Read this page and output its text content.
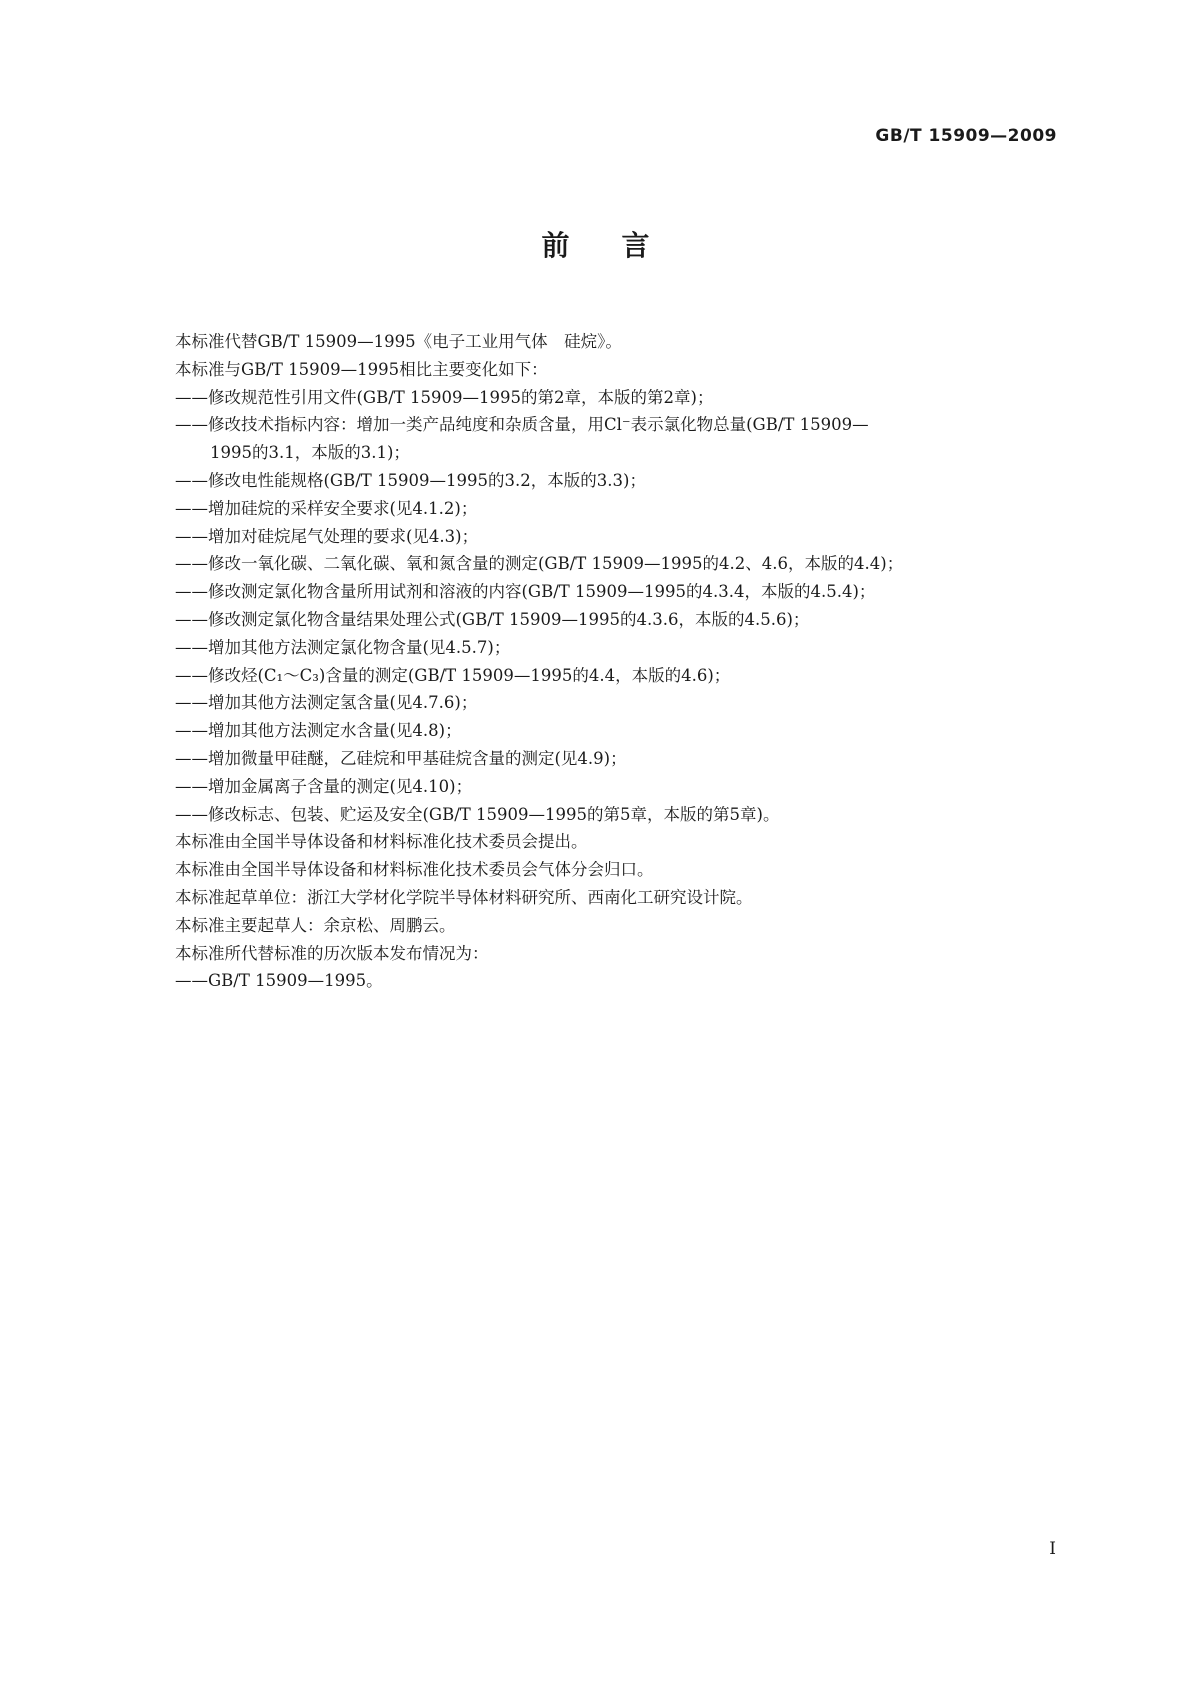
GB/T 15909—2009
前言
本标准代替GB/T 15909—1995《电子工业用气体　硅烷》。
本标准与GB/T 15909—1995相比主要变化如下：
——修改规范性引用文件(GB/T 15909—1995的第2章，本版的第2章)；
——修改技术指标内容：增加一类产品纯度和杂质含量，用Cl⁻表示氯化物总量(GB/T 15909—
1995的3.1，本版的3.1)；
——修改电性能规格(GB/T 15909—1995的3.2，本版的3.3)；
——增加硅烷的采样安全要求(见4.1.2)；
——增加对硅烷尾气处理的要求(见4.3)；
——修改一氧化碳、二氧化碳、氧和氮含量的测定(GB/T 15909—1995的4.2、4.6，本版的4.4)；
——修改测定氯化物含量所用试剂和溶液的内容(GB/T 15909—1995的4.3.4，本版的4.5.4)；
——修改测定氯化物含量结果处理公式(GB/T 15909—1995的4.3.6，本版的4.5.6)；
——增加其他方法测定氯化物含量(见4.5.7)；
——修改烃(C₁～C₃)含量的测定(GB/T 15909—1995的4.4，本版的4.6)；
——增加其他方法测定氢含量(见4.7.6)；
——增加其他方法测定水含量(见4.8)；
——增加微量甲硅醚，乙硅烷和甲基硅烷含量的测定(见4.9)；
——增加金属离子含量的测定(见4.10)；
——修改标志、包装、贮运及安全(GB/T 15909—1995的第5章，本版的第5章)。
本标准由全国半导体设备和材料标准化技术委员会提出。
本标准由全国半导体设备和材料标准化技术委员会气体分会归口。
本标准起草单位：浙江大学材化学院半导体材料研究所、西南化工研究设计院。
本标准主要起草人：余京松、周鹏云。
本标准所代替标准的历次版本发布情况为：
——GB/T 15909—1995。
I
